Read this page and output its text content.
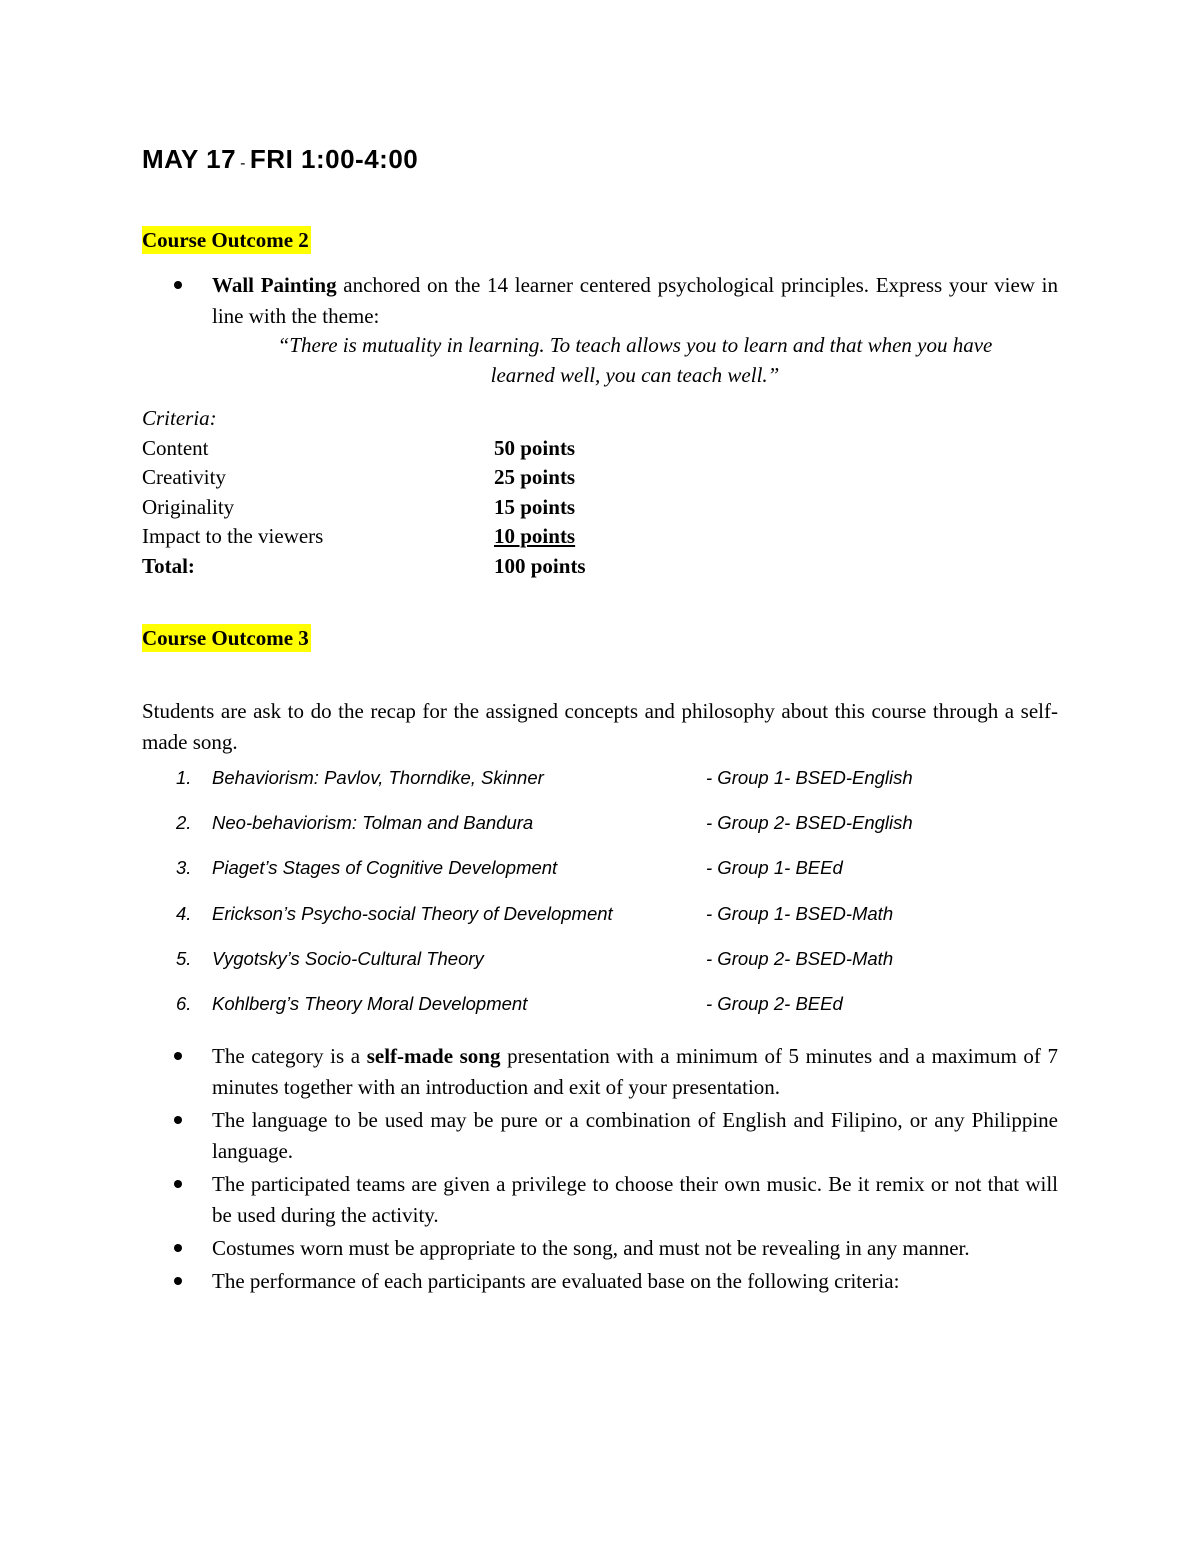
MAY 17 - FRI 1:00-4:00
Course Outcome 2
Wall Painting anchored on the 14 learner centered psychological principles. Express your view in line with the theme:
“There is mutuality in learning. To teach allows you to learn and that when you have
learned well, you can teach well.”
Criteria:
Content	50 points
Creativity	25 points
Originality	15 points
Impact to the viewers	10 points
Total:	100 points
Course Outcome 3
Students are ask to do the recap for the assigned concepts and philosophy about this course through a self-made song.
1. Behaviorism: Pavlov, Thorndike, Skinner	- Group 1- BSED-English
2. Neo-behaviorism: Tolman and Bandura	- Group 2- BSED-English
3. Piaget’s Stages of Cognitive Development	- Group 1- BEEd
4. Erickson’s Psycho-social Theory of Development	- Group 1- BSED-Math
5. Vygotsky’s Socio-Cultural Theory	- Group 2- BSED-Math
6. Kohlberg’s Theory Moral Development	- Group 2- BEEd
The category is a self-made song presentation with a minimum of 5 minutes and a maximum of 7 minutes together with an introduction and exit of your presentation.
The language to be used may be pure or a combination of English and Filipino, or any Philippine language.
The participated teams are given a privilege to choose their own music. Be it remix or not that will be used during the activity.
Costumes worn must be appropriate to the song, and must not be revealing in any manner.
The performance of each participants are evaluated base on the following criteria:
